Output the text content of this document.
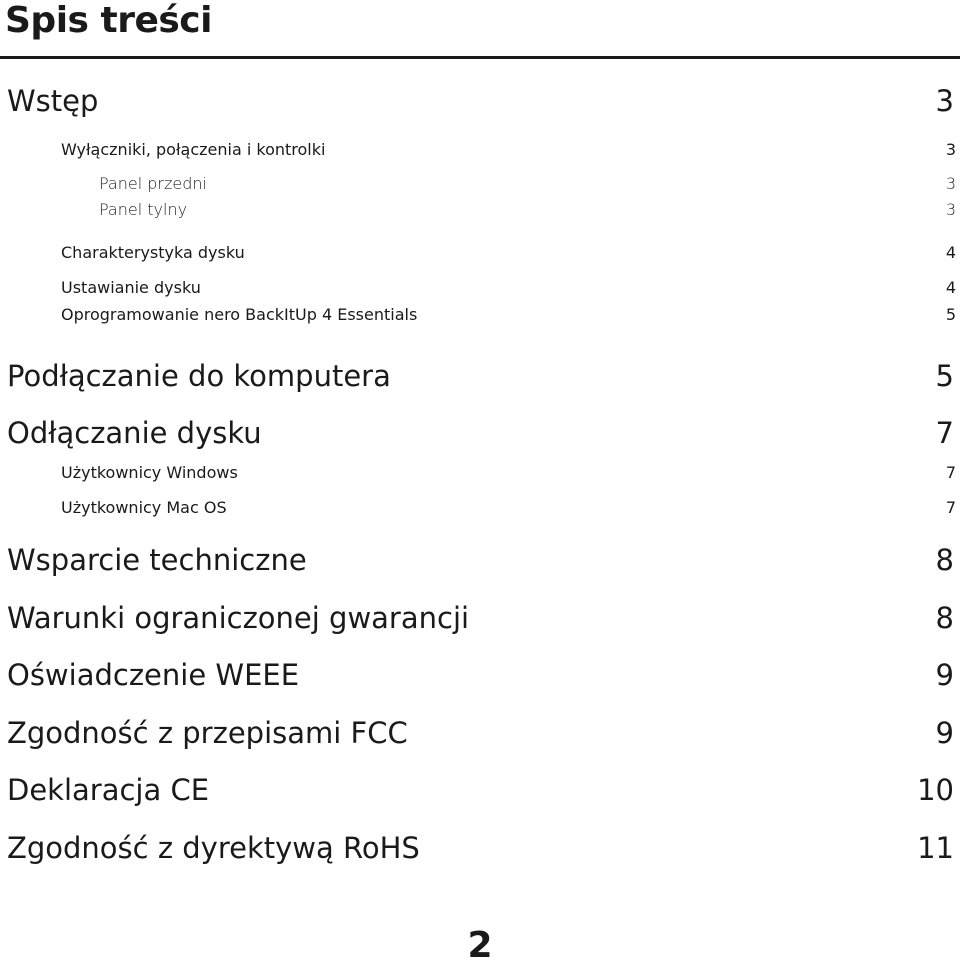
Spis treści
Wstęp	3
Wyłączniki, połączenia i kontrolki	3
Panel przedni	3
Panel tylny	3
Charakterystyka dysku	4
Ustawianie dysku	4
Oprogramowanie nero BackItUp 4 Essentials	5
Podłączanie do komputera	5
Odłączanie dysku	7
Użytkownicy Windows	7
Użytkownicy Mac OS	7
Wsparcie techniczne	8
Warunki ograniczonej gwarancji	8
Oświadczenie WEEE	9
Zgodność z przepisami FCC	9
Deklaracja CE	10
Zgodność z dyrektywą RoHS	11
2
